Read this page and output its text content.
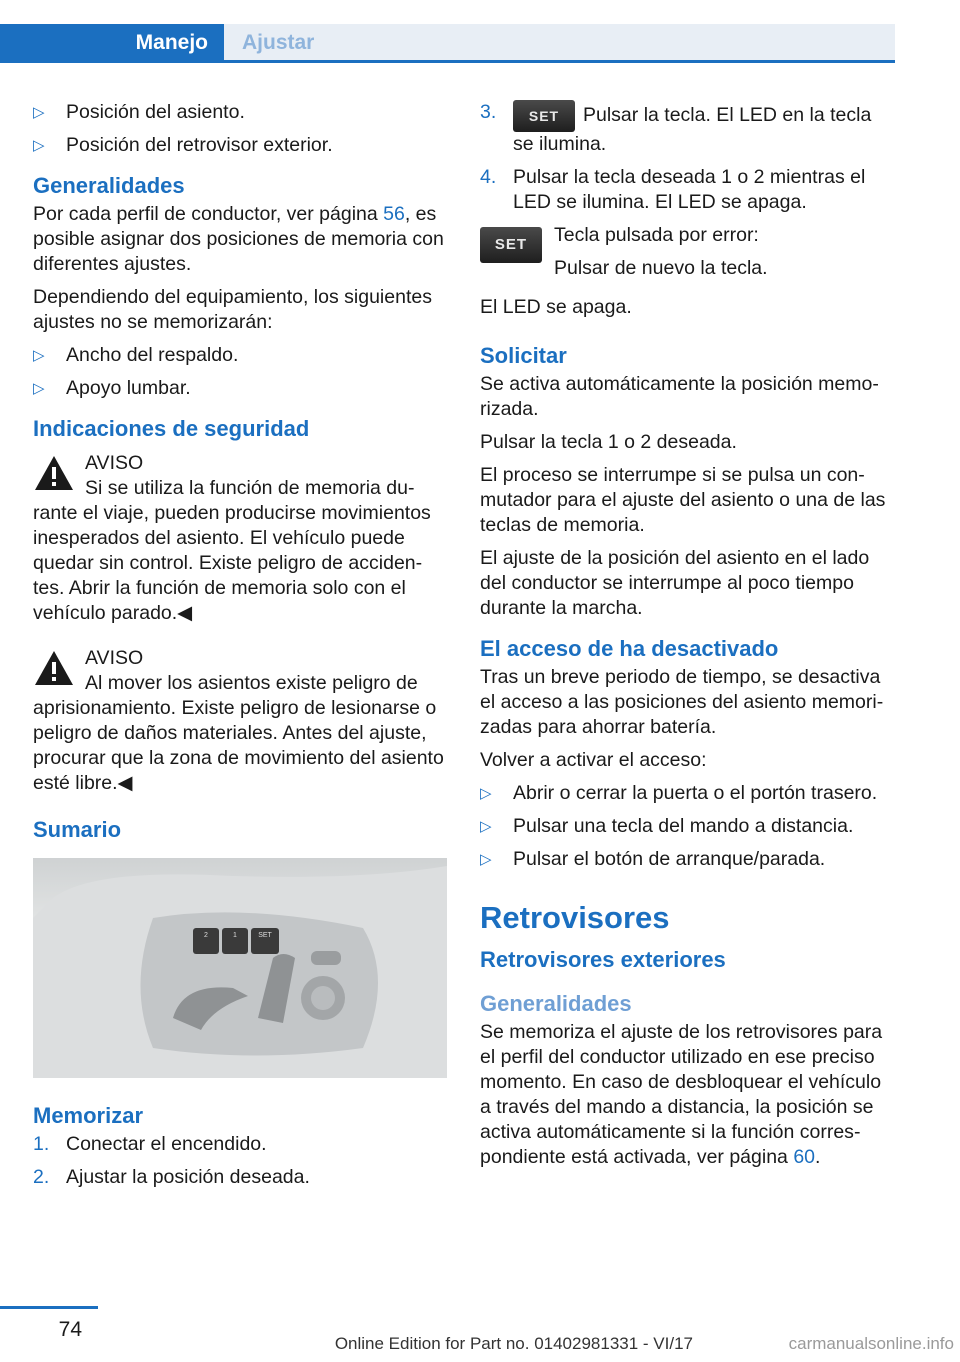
Manejo Ajustar
▷ Posición del asiento.
▷ Posición del retrovisor exterior.
Generalidades

Por cada perfil de conductor, ver página 56, es posible asignar dos posiciones de memoria con diferentes ajustes.

Dependiendo del equipamiento, los siguientes ajustes no se memorizarán:

▷ Ancho del respaldo.
▷ Apoyo lumbar.
Indicaciones de seguridad
AVISO
Si se utiliza la función de memoria durante el viaje, pueden producirse movimientos inesperados del asiento. El vehículo puede quedar sin control. Existe peligro de accidentes. Abrir la función de memoria solo con el vehículo parado.◀
AVISO
Al mover los asientos existe peligro de aprisionamiento. Existe peligro de lesionarse o peligro de daños materiales. Antes del ajuste, procurar que la zona de movimiento del asiento esté libre.◀
Sumario
2	1	SET
Memorizar
1. Conectar el encendido.
2. Ajustar la posición deseada.
3. SET Pulsar la tecla. El LED en la tecla se ilumina.
4. Pulsar la tecla deseada 1 o 2 mientras el LED se ilumina. El LED se apaga.
SET	Tecla pulsada por error:

Pulsar de nuevo la tecla.

El LED se apaga.

Solicitar

Se activa automáticamente la posición memorizada.

Pulsar la tecla 1 o 2 deseada.

El proceso se interrumpe si se pulsa un conmutador para el ajuste del asiento o una de las teclas de memoria.

El ajuste de la posición del asiento en el lado del conductor se interrumpe al poco tiempo durante la marcha.

El acceso de ha desactivado

Tras un breve periodo de tiempo, se desactiva el acceso a las posiciones del asiento memorizadas para ahorrar batería.

Volver a activar el acceso:

▷ Abrir o cerrar la puerta o el portón trasero.
▷ Pulsar una tecla del mando a distancia.
▷ Pulsar el botón de arranque/parada.
Retrovisores
Retrovisores exteriores
Generalidades

Se memoriza el ajuste de los retrovisores para el perfil del conductor utilizado en ese preciso momento. En caso de desbloquear el vehículo a través del mando a distancia, la posición se activa automáticamente si la función correspondiente está activada, ver página 60.

74
Online Edition for Part no. 01402981331 - VI/17	carmanualsonline.info
